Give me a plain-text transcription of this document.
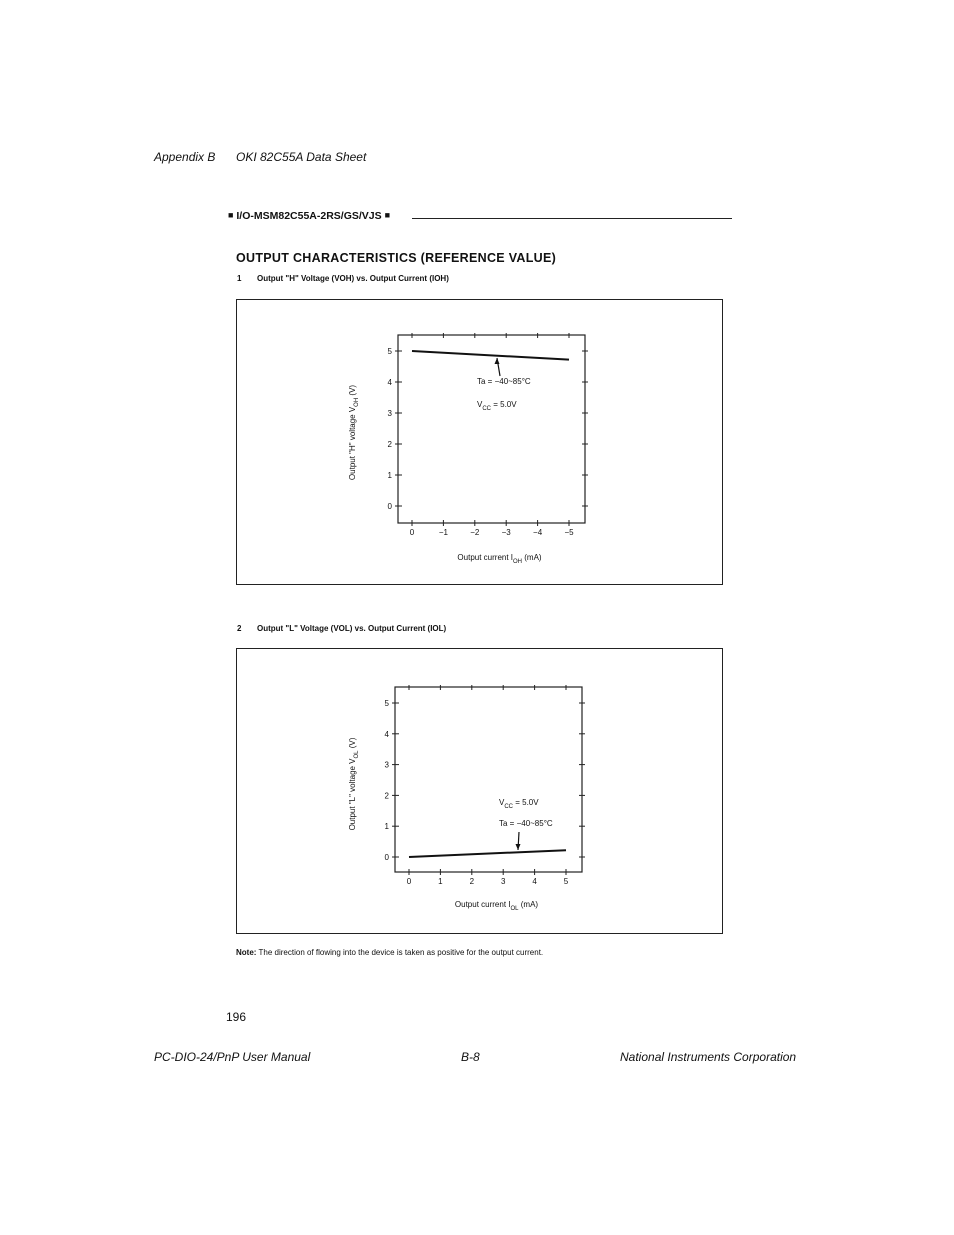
Appendix B OKI 82C55A Data Sheet
■ I/O-MSM82C55A-2RS/GS/VJS ■
OUTPUT CHARACTERISTICS (REFERENCE VALUE)
1 Output "H" Voltage (VOH) vs. Output Current (IOH)
0
1
2
3
4
5
0	−1	−2	−3	−4	−5
Ta = −40~85°C
$V_{CC} = 5.0V$
Output current $I_{OH}$ (mA)
Output "H" voltage $V_{OH}$ (V)
2 Output "L" Voltage (VOL) vs. Output Current (IOL)
0
1
2
3
4
5
0	1	2	3	4	5
$V_{CC} = 5.0V$
Ta = −40~85°C
Output current $I_{OL}$ (mA)
Output "L" voltage $V_{OL}$ (V)
Note: The direction of flowing into the device is taken as positive for the output current.
196
PC-DIO-24/PnP User Manual	B-8	National Instruments Corporation
